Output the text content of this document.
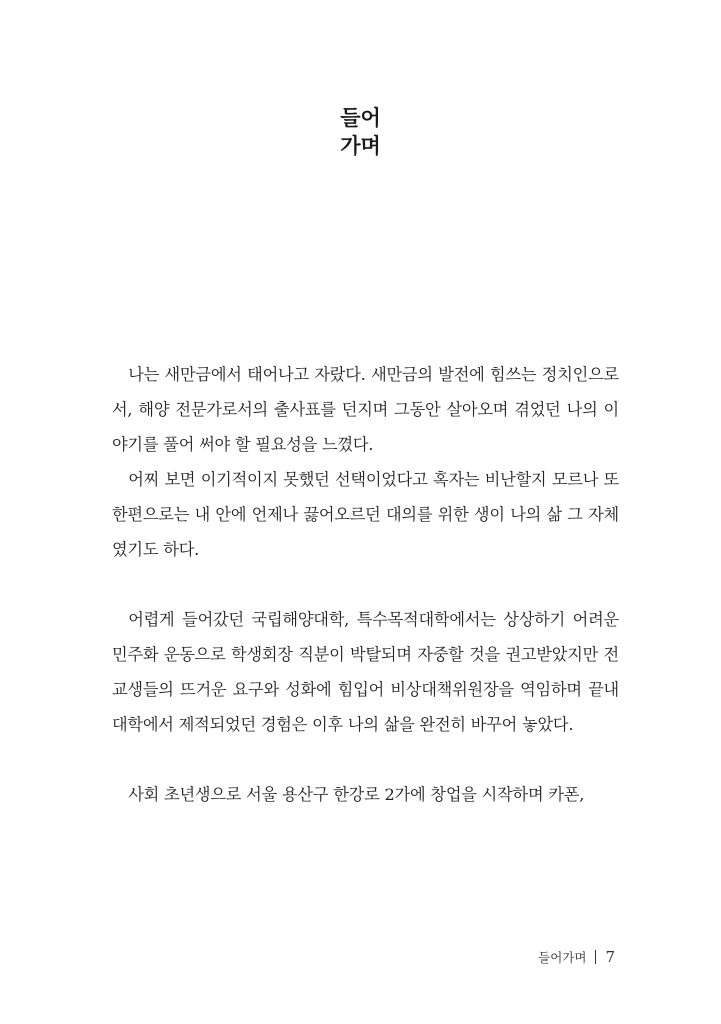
들어
가며

나는 새만금에서 태어나고 자랐다. 새만금의 발전에 힘쓰는 정치인으로서, 해양 전문가로서의 출사표를 던지며 그동안 살아오며 겪었던 나의 이야기를 풀어 써야 할 필요성을 느꼈다.

어찌 보면 이기적이지 못했던 선택이었다고 혹자는 비난할지 모르나 또 한편으로는 내 안에 언제나 끓어오르던 대의를 위한 생이 나의 삶 그 자체였기도 하다.

어렵게 들어갔던 국립해양대학, 특수목적대학에서는 상상하기 어려운 민주화 운동으로 학생회장 직분이 박탈되며 자중할 것을 권고받았지만 전교생들의 뜨거운 요구와 성화에 힘입어 비상대책위원장을 역임하며 끝내 대학에서 제적되었던 경험은 이후 나의 삶을 완전히 바꾸어 놓았다.

사회 초년생으로 서울 용산구 한강로 2가에 창업을 시작하며 카폰,

들어가며 7
